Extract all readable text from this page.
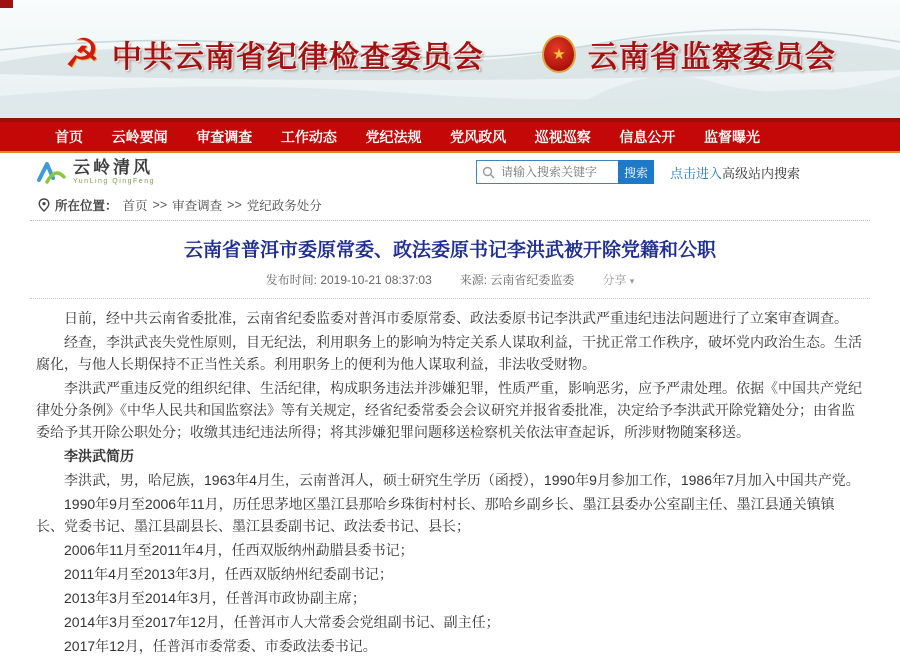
☭ 中共云南省纪律检查委员会	★ 云南省监察委员会
首页 云岭要闻 审查调查 工作动态 党纪法规 党风政风 巡视巡察 信息公开 监督曝光
云岭清风
YunLing QingFeng
请输入搜索关键字
搜索	点击进入 高级站内搜索
所在位置： 首页 >> 审查调查 >> 党纪政务处分
云南省普洱市委原常委、政法委原书记李洪武被开除党籍和公职
发布时间: 2019-10-21 08:37:03 来源: 云南省纪委监委 分享 ▾

日前，经中共云南省委批准，云南省纪委监委对普洱市委原常委、政法委原书记李洪武严重违纪违法问题进行了立案审查调查。

经查，李洪武丧失党性原则，目无纪法，利用职务上的影响为特定关系人谋取利益，干扰正常工作秩序，破坏党内政治生态。生活腐化，与他人长期保持不正当性关系。利用职务上的便利为他人谋取利益，非法收受财物。

李洪武严重违反党的组织纪律、生活纪律，构成职务违法并涉嫌犯罪，性质严重，影响恶劣，应予严肃处理。依据《中国共产党纪律处分条例》《中华人民共和国监察法》等有关规定，经省纪委常委会会议研究并报省委批准，决定给予李洪武开除党籍处分；由省监委给予其开除公职处分；收缴其违纪违法所得；将其涉嫌犯罪问题移送检察机关依法审查起诉，所涉财物随案移送。

李洪武简历

李洪武，男，哈尼族，1963年4月生，云南普洱人，硕士研究生学历（函授），1990年9月参加工作，1986年7月加入中国共产党。

1990年9月至2006年11月，历任思茅地区墨江县那哈乡珠街村村长、那哈乡副乡长、墨江县委办公室副主任、墨江县通关镇镇长、党委书记、墨江县副县长、墨江县委副书记、政法委书记、县长；

2006年11月至2011年4月，任西双版纳州勐腊县委书记；

2011年4月至2013年3月，任西双版纳州纪委副书记；

2013年3月至2014年3月，任普洱市政协副主席；

2014年3月至2017年12月，任普洱市人大常委会党组副书记、副主任；

2017年12月，任普洱市委常委、市委政法委书记。
